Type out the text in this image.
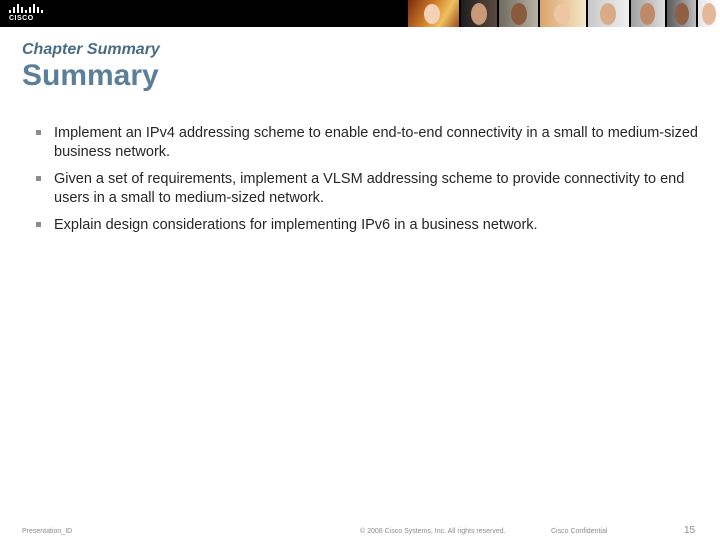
CISCO
Chapter Summary
Summary
Implement an IPv4 addressing scheme to enable end-to-end connectivity in a small to medium-sized business network.
Given a set of requirements, implement a VLSM addressing scheme to provide connectivity to end users in a small to medium-sized network.
Explain design considerations for implementing IPv6 in a business network.
Presentation_ID	© 2008 Cisco Systems, Inc. All rights reserved.	Cisco Confidential	15
